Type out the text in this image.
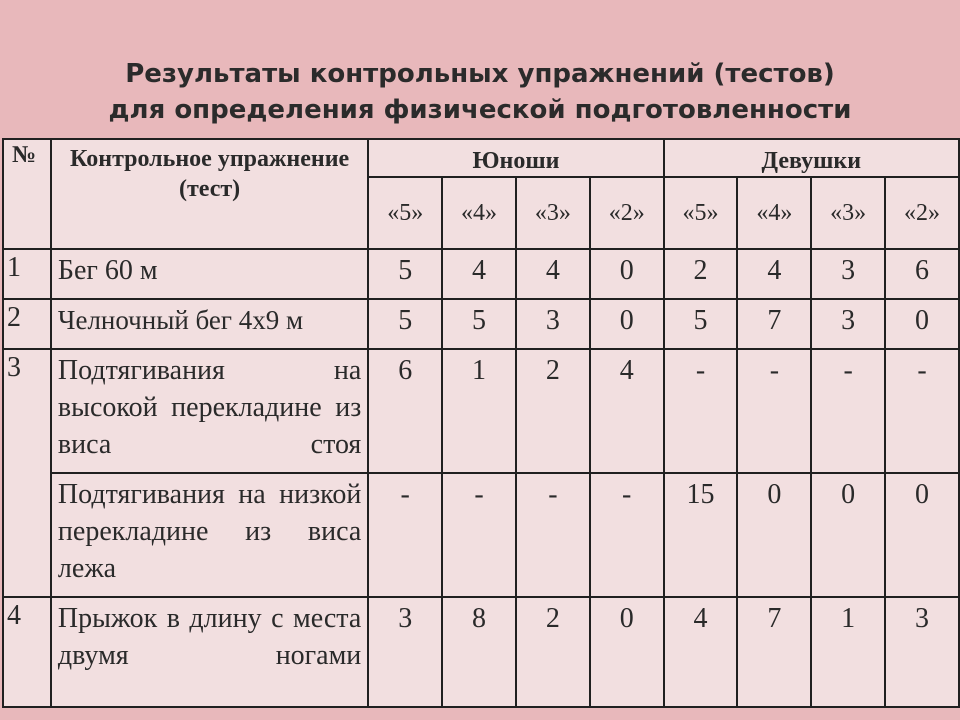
Результаты контрольных упражнений (тестов)
для определения физической подготовленности
№	Контрольное упражнение (тест)	Юноши				Девушки			
		«5»	«4»	«3»	«2»	«5»	«4»	«3»	«2»
1	Бег 60 м	5	4	4	0	2	4	3	6
2	Челночный бег 4х9 м	5	5	3	0	5	7	3	0
3	Подтягивания на высокой перекладине из виса стоя	6	1	2	4	-	-	-	-
	Подтягивания на низкой перекладине из виса лежа	-	-	-	-	15	0	0	0
4	Прыжок в длину с места двумя ногами	3	8	2	0	4	7	1	3
